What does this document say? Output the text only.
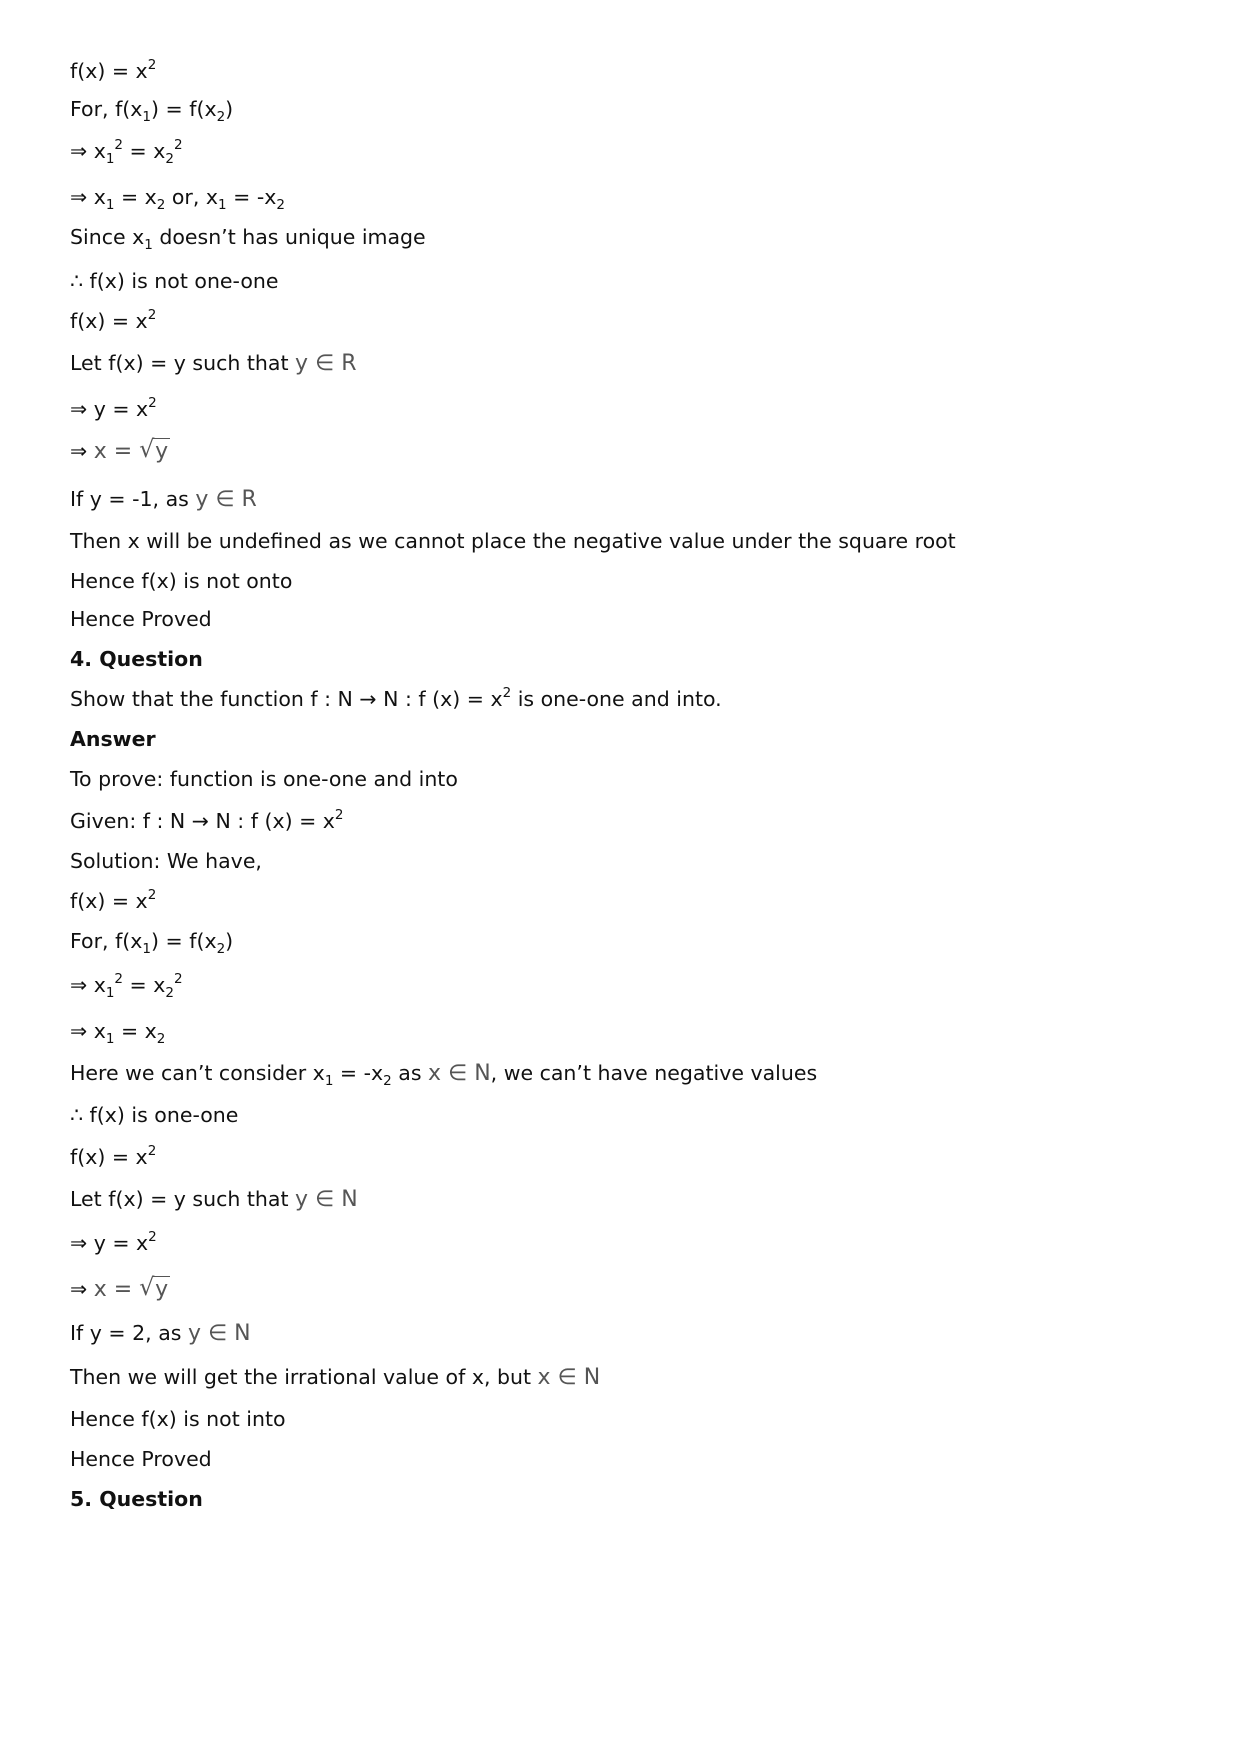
$f(x) = x^2$
For, $f(x_1) = f(x_2)$
⇒ $x_1^2 = x_2^2$
⇒ $x_1 = x_2$ or, $x_1 = -x_2$
Since $x_1$ doesn’t has unique image
∴ f(x) is not one-one
$f(x) = x^2$
Let f(x) = y such that y ∈ R
⇒ $y = x^2$
⇒ x = √ y
If y = -1, as y ∈ R
Then x will be undefined as we cannot place the negative value under the square root
Hence f(x) is not onto
Hence Proved
4. Question
Show that the function f : N → N : f $(x) = x^2$ is one-one and into.
Answer
To prove: function is one-one and into
Given: f : N → N : f $(x) = x^2$
Solution: We have,
$f(x) = x^2$
For, $f(x_1) = f(x_2)$
⇒ $x_1^2 = x_2^2$
⇒ $x_1 = x_2$
Here we can’t consider $x_1 = -x_2$ as x ∈ N, we can’t have negative values
∴ f(x) is one-one
$f(x) = x^2$
Let f(x) = y such that y ∈ N
⇒ $y = x^2$
⇒ x = √ y
If y = 2, as y ∈ N
Then we will get the irrational value of x, but x ∈ N
Hence f(x) is not into
Hence Proved
5. Question
